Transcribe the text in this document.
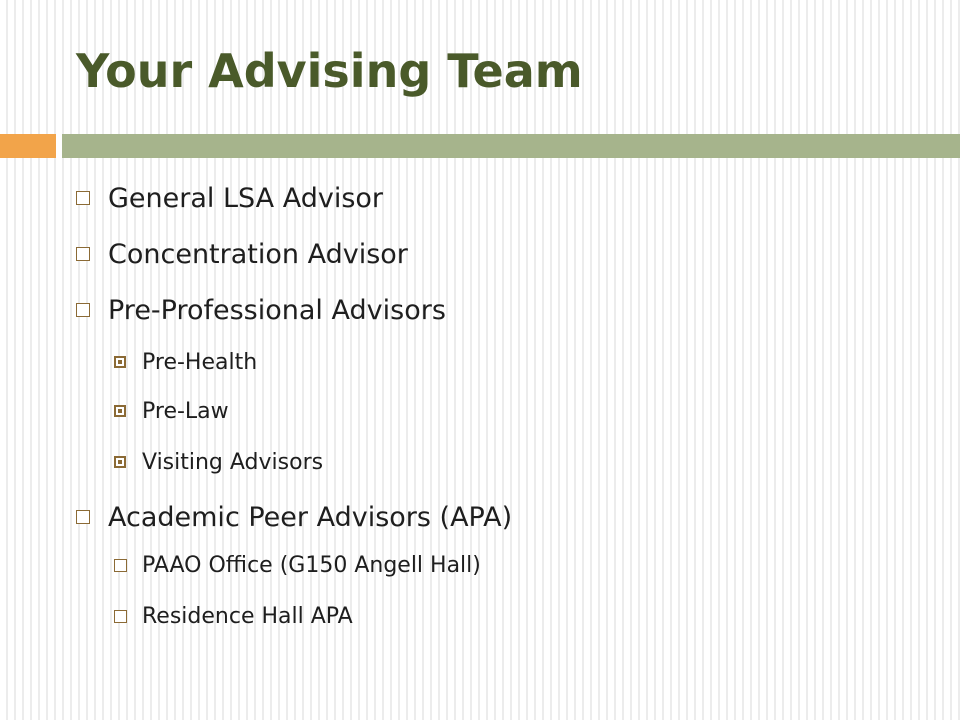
Your Advising Team
General LSA Advisor
Concentration Advisor
Pre-Professional Advisors
Pre-Health
Pre-Law
Visiting Advisors
Academic Peer Advisors (APA)
PAAO Office (G150 Angell Hall)
Residence Hall APA
